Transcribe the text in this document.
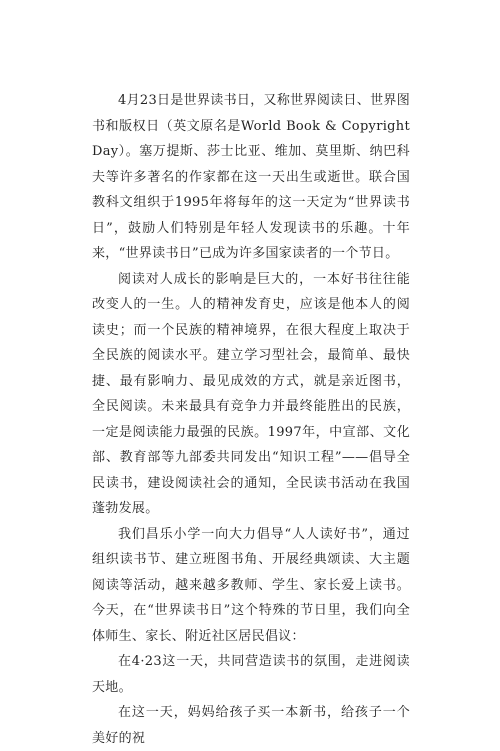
4月23日是世界读书日，又称世界阅读日、世界图书和版权日（英文原名是World Book & Copyright Day）。塞万提斯、莎士比亚、维加、莫里斯、纳巴科夫等许多著名的作家都在这一天出生或逝世。联合国教科文组织于1995年将每年的这一天定为“世界读书日”，鼓励人们特别是年轻人发现读书的乐趣。十年来，“世界读书日”已成为许多国家读者的一个节日。

阅读对人成长的影响是巨大的，一本好书往往能改变人的一生。人的精神发育史，应该是他本人的阅读史；而一个民族的精神境界，在很大程度上取决于全民族的阅读水平。建立学习型社会，最简单、最快捷、最有影响力、最见成效的方式，就是亲近图书，全民阅读。未来最具有竞争力并最终能胜出的民族，一定是阅读能力最强的民族。1997年，中宣部、文化部、教育部等九部委共同发出“知识工程”——倡导全民读书，建设阅读社会的通知，全民读书活动在我国蓬勃发展。

我们昌乐小学一向大力倡导“人人读好书”，通过组织读书节、建立班图书角、开展经典颂读、大主题阅读等活动，越来越多教师、学生、家长爱上读书。今天，在“世界读书日”这个特殊的节日里，我们向全体师生、家长、附近社区居民倡议：

在4·23这一天，共同营造读书的氛围，走进阅读天地。

在这一天，妈妈给孩子买一本新书，给孩子一个美好的祝
